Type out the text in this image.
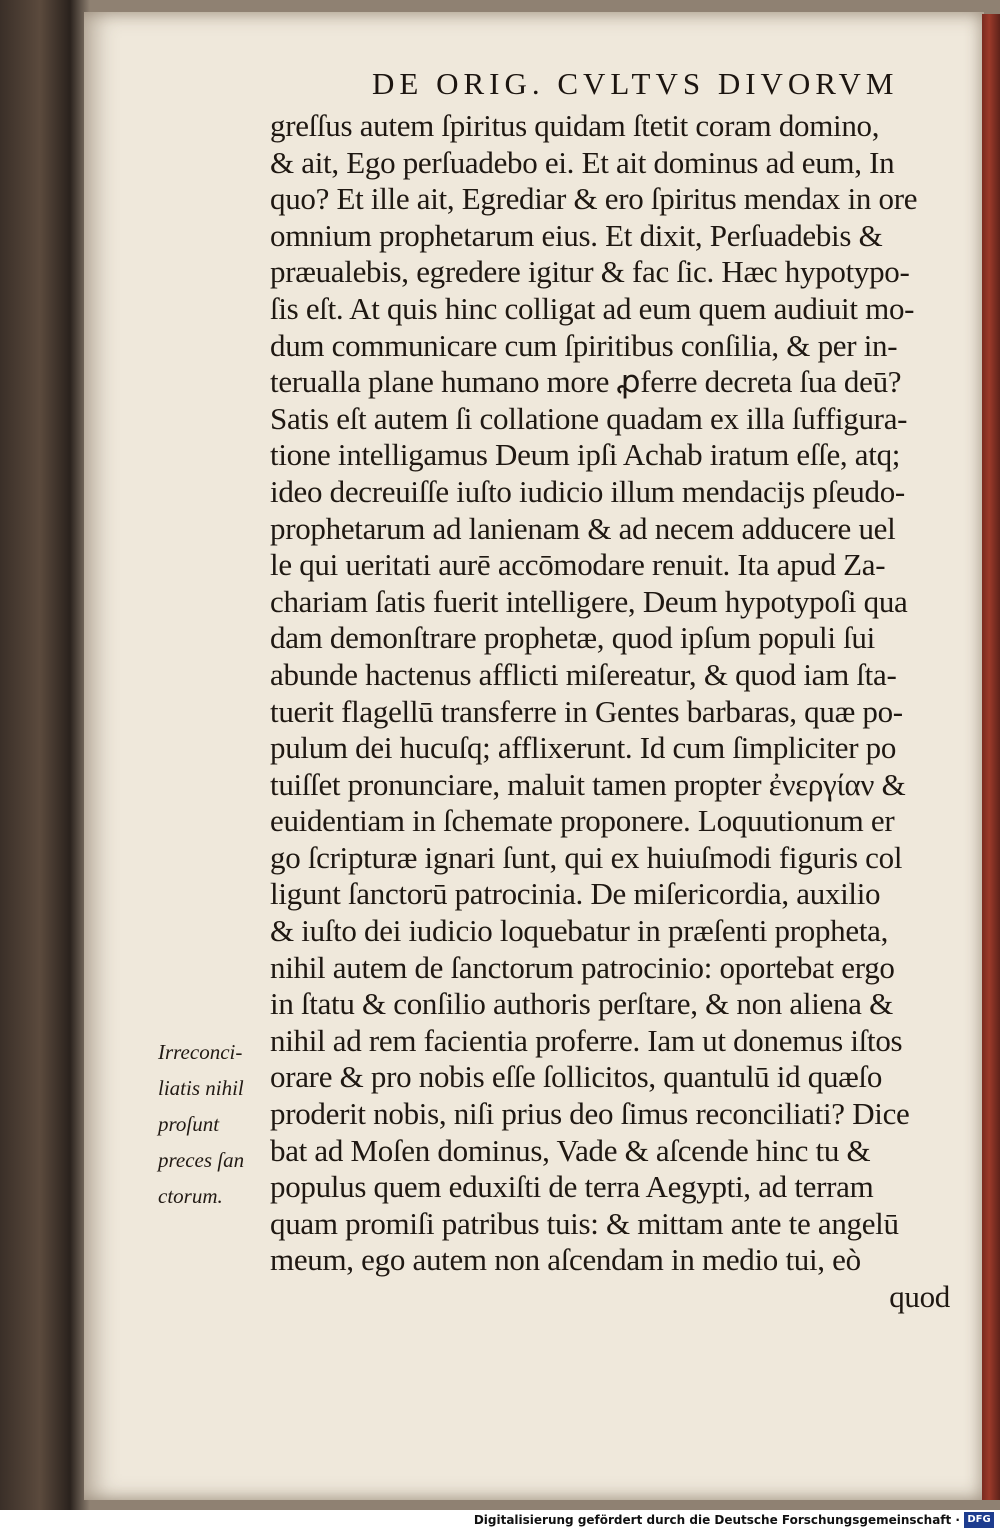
DE ORIG. CVLTVS DIVORVM
greſſus autem ſpiritus quidam ſtetit coram domino,
& ait, Ego perſuadebo ei. Et ait dominus ad eum, In
quo? Et ille ait, Egrediar & ero ſpiritus mendax in ore
omnium prophetarum eius. Et dixit, Perſuadebis &
præualebis, egredere igitur & fac ſic. Hæc hypotypo-
ſis eſt. At quis hinc colligat ad eum quem audiuit mo-
dum communicare cum ſpiritibus conſilia, & per in-
terualla plane humano more ꝓferre decreta ſua deū?
Satis eſt autem ſi collatione quadam ex illa ſuffigura-
tione intelligamus Deum ipſi Achab iratum eſſe, atq;
ideo decreuiſſe iuſto iudicio illum mendacijs pſeudo-
prophetarum ad lanienam & ad necem adducere uel
le qui ueritati aurē accōmodare renuit. Ita apud Za-
chariam ſatis fuerit intelligere, Deum hypotypoſi qua
dam demonſtrare prophetæ, quod ipſum populi ſui
abunde hactenus afflicti miſereatur, & quod iam ſta-
tuerit flagellū transferre in Gentes barbaras, quæ po-
pulum dei hucuſq; afflixerunt. Id cum ſimpliciter po
tuiſſet pronunciare, maluit tamen propter ἐνεργίαν &
euidentiam in ſchemate proponere. Loquutionum er
go ſcripturæ ignari ſunt, qui ex huiuſmodi figuris col
ligunt ſanctorū patrocinia. De miſericordia, auxilio
& iuſto dei iudicio loquebatur in præſenti propheta,
nihil autem de ſanctorum patrocinio: oportebat ergo
in ſtatu & conſilio authoris perſtare, & non aliena &
nihil ad rem facientia proferre. Iam ut donemus iſtos
orare & pro nobis eſſe ſollicitos, quantulū id quæſo
proderit nobis, niſi prius deo ſimus reconciliati? Dice
bat ad Moſen dominus, Vade & aſcende hinc tu &
populus quem eduxiſti de terra Aegypti, ad terram
quam promiſi patribus tuis: & mittam ante te angelū
meum, ego autem non aſcendam in medio tui, eò
quod
Irreconci-
liatis nihil
proſunt
preces ſan
ctorum.
Digitalisierung gefördert durch die Deutsche Forschungsgemeinschaft · DFG
